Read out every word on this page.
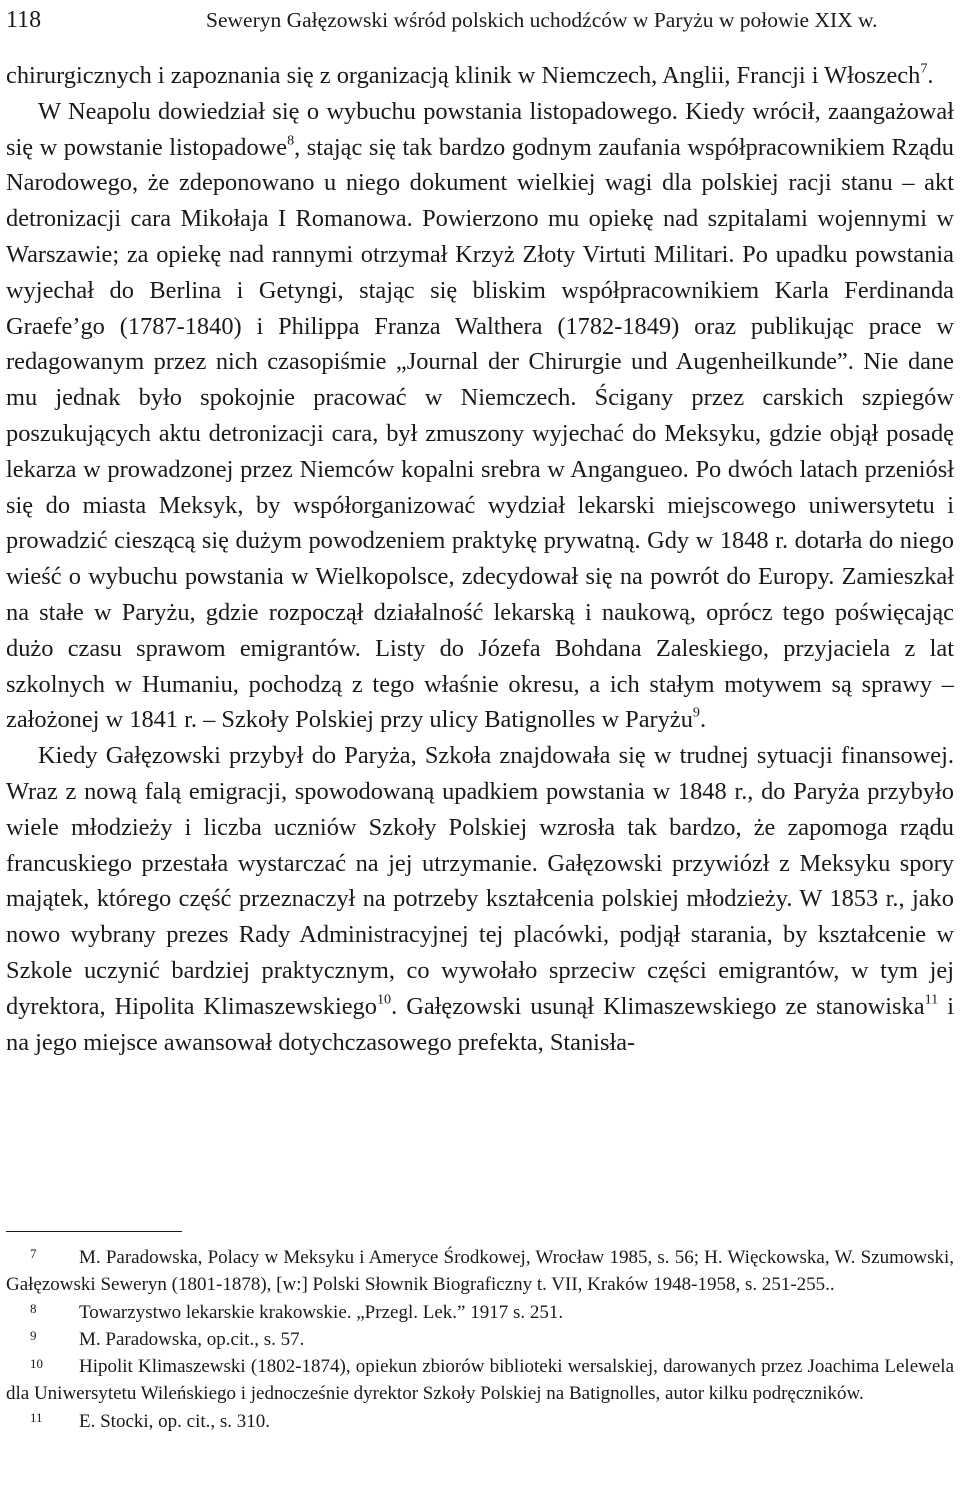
118	Seweryn Gałęzowski wśród polskich uchodźców w Paryżu w połowie XIX w.

chirurgicznych i zapoznania się z organizacją klinik w Niemczech, Anglii, Francji i Włoszech$^7$.

W Neapolu dowiedział się o wybuchu powstania listopadowego. Kiedy wrócił, zaangażował się w powstanie listopadowe$^8$, stając się tak bardzo godnym zaufania współpracownikiem Rządu Narodowego, że zdeponowano u niego dokument wielkiej wagi dla polskiej racji stanu – akt detronizacji cara Mikołaja I Romanowa. Powierzono mu opiekę nad szpitalami wojennymi w Warszawie; za opiekę nad rannymi otrzymał Krzyż Złoty Virtuti Militari. Po upadku powstania wyjechał do Berlina i Getyngi, stając się bliskim współpracownikiem Karla Ferdinanda Graefe’go (1787-1840) i Philippa Franza Walthera (1782-1849) oraz publikując prace w redagowanym przez nich czasopiśmie „Journal der Chirurgie und Augenheilkunde”. Nie dane mu jednak było spokojnie pracować w Niemczech. Ścigany przez carskich szpiegów poszukujących aktu detronizacji cara, był zmuszony wyjechać do Meksyku, gdzie objął posadę lekarza w prowadzonej przez Niemców kopalni srebra w Angangueo. Po dwóch latach przeniósł się do miasta Meksyk, by współorganizować wydział lekarski miejscowego uniwersytetu i prowadzić cieszącą się dużym powodzeniem praktykę prywatną. Gdy w 1848 r. dotarła do niego wieść o wybuchu powstania w Wielkopolsce, zdecydował się na powrót do Europy. Zamieszkał na stałe w Paryżu, gdzie rozpoczął działalność lekarską i naukową, oprócz tego poświęcając dużo czasu sprawom emigrantów. Listy do Józefa Bohdana Zaleskiego, przyjaciela z lat szkolnych w Humaniu, pochodzą z tego właśnie okresu, a ich stałym motywem są sprawy – założonej w 1841 r. – Szkoły Polskiej przy ulicy Batignolles w Paryżu$^9$.

Kiedy Gałęzowski przybył do Paryża, Szkoła znajdowała się w trudnej sytuacji finansowej. Wraz z nową falą emigracji, spowodowaną upadkiem powstania w 1848 r., do Paryża przybyło wiele młodzieży i liczba uczniów Szkoły Polskiej wzrosła tak bardzo, że zapomoga rządu francuskiego przestała wystarczać na jej utrzymanie. Gałęzowski przywiózł z Meksyku spory majątek, którego część przeznaczył na potrzeby kształcenia polskiej młodzieży. W 1853 r., jako nowo wybrany prezes Rady Administracyjnej tej placówki, podjął starania, by kształcenie w Szkole uczynić bardziej praktycznym, co wywołało sprzeciw części emigrantów, w tym jej dyrektora, Hipolita Klimaszewskiego$^{10}$. Gałęzowski usunął Klimaszewskiego ze stanowiska$^{11}$ i na jego miejsce awansował dotychczasowego prefekta, Stanisła-

7 M. Paradowska, Polacy w Meksyku i Ameryce Środkowej, Wrocław 1985, s. 56; H. Więckowska, W. Szumowski, Gałęzowski Seweryn (1801-1878), [w:] Polski Słownik Biograficzny t. VII, Kraków 1948-1958, s. 251-255..

8 Towarzystwo lekarskie krakowskie. „Przegl. Lek.” 1917 s. 251.

9 M. Paradowska, op.cit., s. 57.

10 Hipolit Klimaszewski (1802-1874), opiekun zbiorów biblioteki wersalskiej, darowanych przez Joachima Lelewela dla Uniwersytetu Wileńskiego i jednocześnie dyrektor Szkoły Polskiej na Batignolles, autor kilku podręczników.

11 E. Stocki, op. cit., s. 310.
